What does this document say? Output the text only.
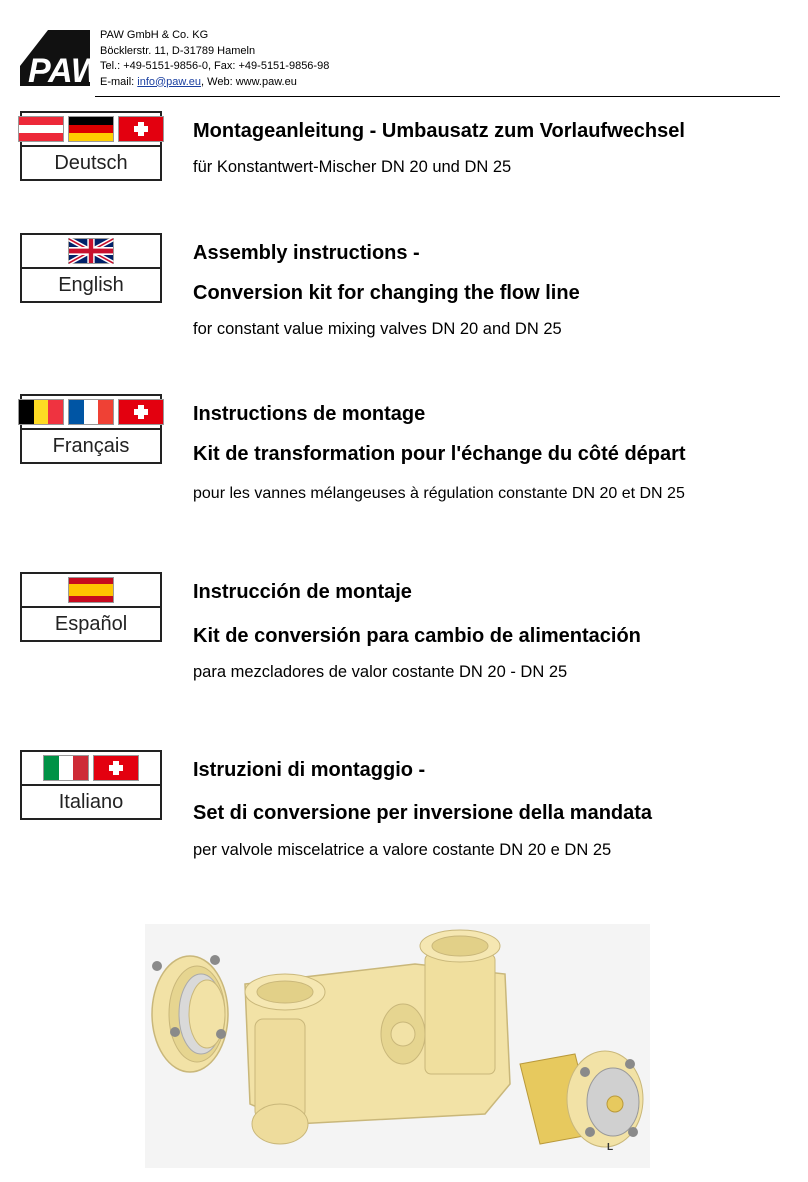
PAW
PAW GmbH & Co. KG
Böcklerstr. 11, D-31789 Hameln
Tel.: +49-5151-9856-0, Fax: +49-5151-9856-98
E-mail: info@paw.eu, Web: www.paw.eu
Deutsch
Montageanleitung - Umbausatz zum Vorlaufwechsel
für Konstantwert-Mischer DN 20 und DN 25
English
Assembly instructions -
Conversion kit for changing the flow line
for constant value mixing valves DN 20 and DN 25
Français
Instructions de montage
Kit de transformation pour l'échange du côté départ
pour les vannes mélangeuses à régulation constante DN 20 et DN 25
Español
Instrucción de montaje
Kit de conversión para cambio de alimentación
para mezcladores de valor costante DN 20 - DN 25
Italiano
Istruzioni di montaggio -
Set di conversione per inversione della mandata
per valvole miscelatrice a valore costante DN 20 e DN 25
L
